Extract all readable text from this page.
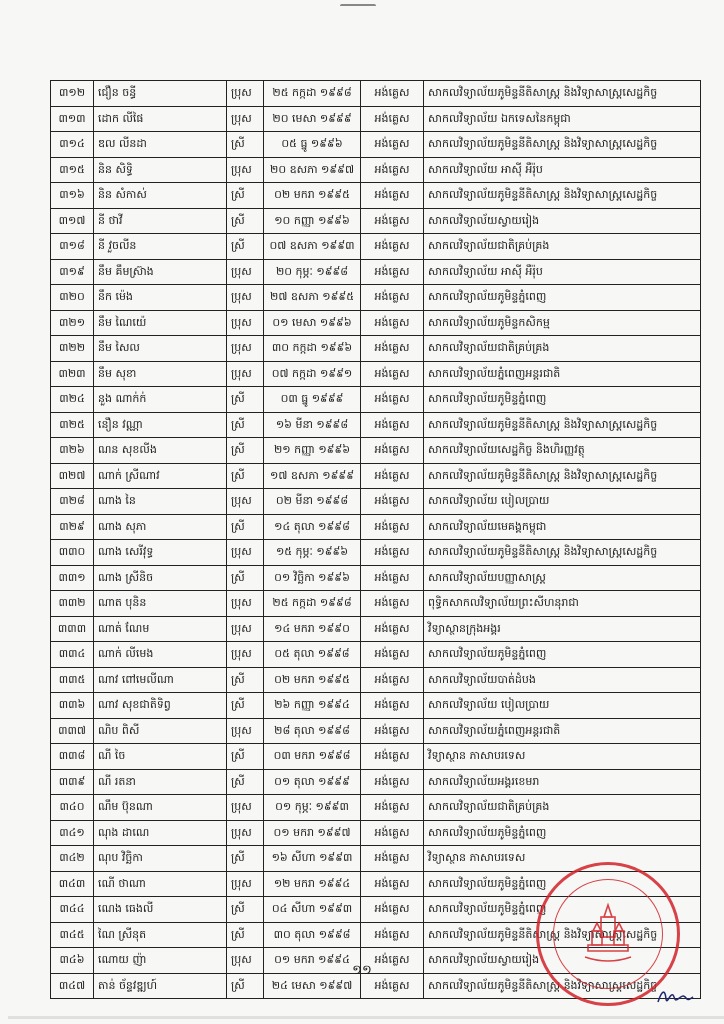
៣១២	ជឿន ចន្ធី	ប្រុស	២៥ កក្កដា ១៩៩៨	អង់គ្លេស	សាកលវិទ្យាល័យភូមិន្ទនីតិសាស្ត្រ និងវិទ្យាសាស្ត្រសេដ្ឋកិច្ច
៣១៣	ដោក លីផៃ	ប្រុស	២០ មេសា ១៩៩៩	អង់គ្លេស	សាកលវិទ្យាល័យ ឯកទេសនៃកម្ពុជា
៣១៤	ឌល លីនដា	ស្រី	០៥ ធ្នូ ១៩៩៦	អង់គ្លេស	សាកលវិទ្យាល័យភូមិន្ទនីតិសាស្ត្រ និងវិទ្យាសាស្ត្រសេដ្ឋកិច្ច
៣១៥	និន សិទ្ធិ	ប្រុស	២០ ឧសភា ១៩៩៧	អង់គ្លេស	សាកលវិទ្យាល័យ អាស៊ី អឺរ៉ុប
៣១៦	និន សំកាស់	ស្រី	០២ មករា ១៩៩៥	អង់គ្លេស	សាកលវិទ្យាល័យភូមិន្ទនីតិសាស្ត្រ និងវិទ្យាសាស្ត្រសេដ្ឋកិច្ច
៣១៧	នី ថាវី	ស្រី	១០ កញ្ញា ១៩៩៦	អង់គ្លេស	សាកលវិទ្យាល័យស្វាយរៀង
៣១៨	នី វួចលីន	ស្រី	០៧ ឧសភា ១៩៩៣	អង់គ្លេស	សាកលវិទ្យាល័យជាតិគ្រប់គ្រង
៣១៩	នឹម គឹមស្រ៊ាង	ប្រុស	២០ កុម្ភៈ ១៩៩៨	អង់គ្លេស	សាកលវិទ្យាល័យ អាស៊ី អឺរ៉ុប
៣២០	នឹក ម៉េង	ប្រុស	២៧ ឧសភា ១៩៩៥	អង់គ្លេស	សាកលវិទ្យាល័យភូមិន្ទភ្នំពេញ
៣២១	នឹម ណៃយ៉េ	ប្រុស	០១ មេសា ១៩៩៦	អង់គ្លេស	សាកលវិទ្យាល័យភូមិន្ទកសិកម្ម
៣២២	នឹម សៃល	ប្រុស	៣០ កក្កដា ១៩៩៦	អង់គ្លេស	សាកលវិទ្យាល័យជាតិគ្រប់គ្រង
៣២៣	នឹម សុខា	ប្រុស	០៧ កក្កដា ១៩៩១	អង់គ្លេស	សាកលវិទ្យាល័យភ្នំពេញអន្តរជាតិ
៣២៤	នួង ណាក់ក់	ស្រី	០៣ ធ្នូ ១៩៩៩	អង់គ្លេស	សាកលវិទ្យាល័យភូមិន្ទភ្នំពេញ
៣២៥	នឿន វណ្ណា	ស្រី	១៦ មីនា ១៩៩៨	អង់គ្លេស	សាកលវិទ្យាល័យភូមិន្ទនីតិសាស្ត្រ និងវិទ្យាសាស្ត្រសេដ្ឋកិច្ច
៣២៦	ណន សុខលីង	ស្រី	២១ កញ្ញា ១៩៩៦	អង់គ្លេស	សាកលវិទ្យាល័យសេដ្ឋកិច្ច និងហិរញ្ញវត្ថុ
៣២៧	ណាក់ ស្រីណាវ	ស្រី	១៧ ឧសភា ១៩៩៩	អង់គ្លេស	សាកលវិទ្យាល័យភូមិន្ទនីតិសាស្ត្រ និងវិទ្យាសាស្ត្រសេដ្ឋកិច្ច
៣២៨	ណាង នៃ	ប្រុស	០២ មីនា ១៩៩៨	អង់គ្លេស	សាកលវិទ្យាល័យ បៀលប្រាយ
៣២៩	ណាង សុភា	ស្រី	១៤ តុលា ១៩៩៨	អង់គ្លេស	សាកលវិទ្យាល័យមេគង្គកម្ពុជា
៣៣០	ណាង សេរីវុទ្ធ	ប្រុស	១៥ កុម្ភៈ ១៩៩៦	អង់គ្លេស	សាកលវិទ្យាល័យភូមិន្ទនីតិសាស្ត្រ និងវិទ្យាសាស្ត្រសេដ្ឋកិច្ច
៣៣១	ណាង ស្រីនិច	ស្រី	០១ វិច្ឆិកា ១៩៩៦	អង់គ្លេស	សាកលវិទ្យាល័យបញ្ញាសាស្ត្រ
៣៣២	ណាត បុនិន	ប្រុស	២៥ កក្កដា ១៩៩៨	អង់គ្លេស	ពុទ្ធិកសាកលវិទ្យាល័យព្រះសីហនុរាជា
៣៣៣	ណាត់ ណែម	ប្រុស	១៤ មករា ១៩៩០	អង់គ្លេស	វិទ្យាស្ថានក្រុងអង្គរ
៣៣៤	ណាក់ លីមេង	ប្រុស	០៥ តុលា ១៩៩៨	អង់គ្លេស	សាកលវិទ្យាល័យភូមិន្ទភ្នំពេញ
៣៣៥	ណាវ ពៅមេលីណា	ស្រី	០២ មករា ១៩៩៥	អង់គ្លេស	សាកលវិទ្យាល័យបាត់ដំបង
៣៣៦	ណាវ សុខជាតិទិព្វ	ស្រី	២៦ កញ្ញា ១៩៩៤	អង់គ្លេស	សាកលវិទ្យាល័យ បៀលប្រាយ
៣៣៧	ណិប ពិសី	ប្រុស	២៨ តុលា ១៩៩៨	អង់គ្លេស	សាកលវិទ្យាល័យភ្នំពេញអន្តរជាតិ
៣៣៨	ណី ចៃ	ស្រី	០៣ មករា ១៩៩៨	អង់គ្លេស	វិទ្យាស្ថាន ភាសាបរទេស
៣៣៩	ណី រតនា	ស្រី	០១ តុលា ១៩៩៩	អង់គ្លេស	សាកលវិទ្យាល័យអង្គរខេមរា
៣៤០	ណឹម ប៊ុនណា	ប្រុស	០១ កុម្ភៈ ១៩៩៣	អង់គ្លេស	សាកលវិទ្យាល័យជាតិគ្រប់គ្រង
៣៤១	ណុង ដាណេ	ប្រុស	០១ មករា ១៩៩៧	អង់គ្លេស	សាកលវិទ្យាល័យភូមិន្ទភ្នំពេញ
៣៤២	ណុប វិច្ឆិកា	ស្រី	១៦ សីហា ១៩៩៣	អង់គ្លេស	វិទ្យាស្ថាន ភាសាបរទេស
៣៤៣	ណើ ថាណា	ប្រុស	១២ មករា ១៩៩៤	អង់គ្លេស	សាកលវិទ្យាល័យភូមិន្ទភ្នំពេញ
៣៤៤	ណេង ធេងលី	ស្រី	០៤ សីហា ១៩៩៣	អង់គ្លេស	សាកលវិទ្យាល័យភូមិន្ទភ្នំពេញ
៣៤៥	ណៃ ស្រីនុត	ស្រី	៣០ តុលា ១៩៩៨	អង់គ្លេស	សាកលវិទ្យាល័យភូមិន្ទនីតិសាស្ត្រ និងវិទ្យាសាស្ត្រសេដ្ឋកិច្ច
៣៤៦	ណោយ ញ៉ា	ប្រុស	០១ មករា ១៩៩៤	អង់គ្លេស	សាកលវិទ្យាល័យស្វាយរៀង
៣៤៧	តាន់ ច័ន្ទវឌ្ឍហ៍	ស្រី	២៤ មេសា ១៩៩៧	អង់គ្លេស	សាកលវិទ្យាល័យភូមិន្ទនីតិសាស្ត្រ និងវិទ្យាសាស្ត្រសេដ្ឋកិច្ច
១១
